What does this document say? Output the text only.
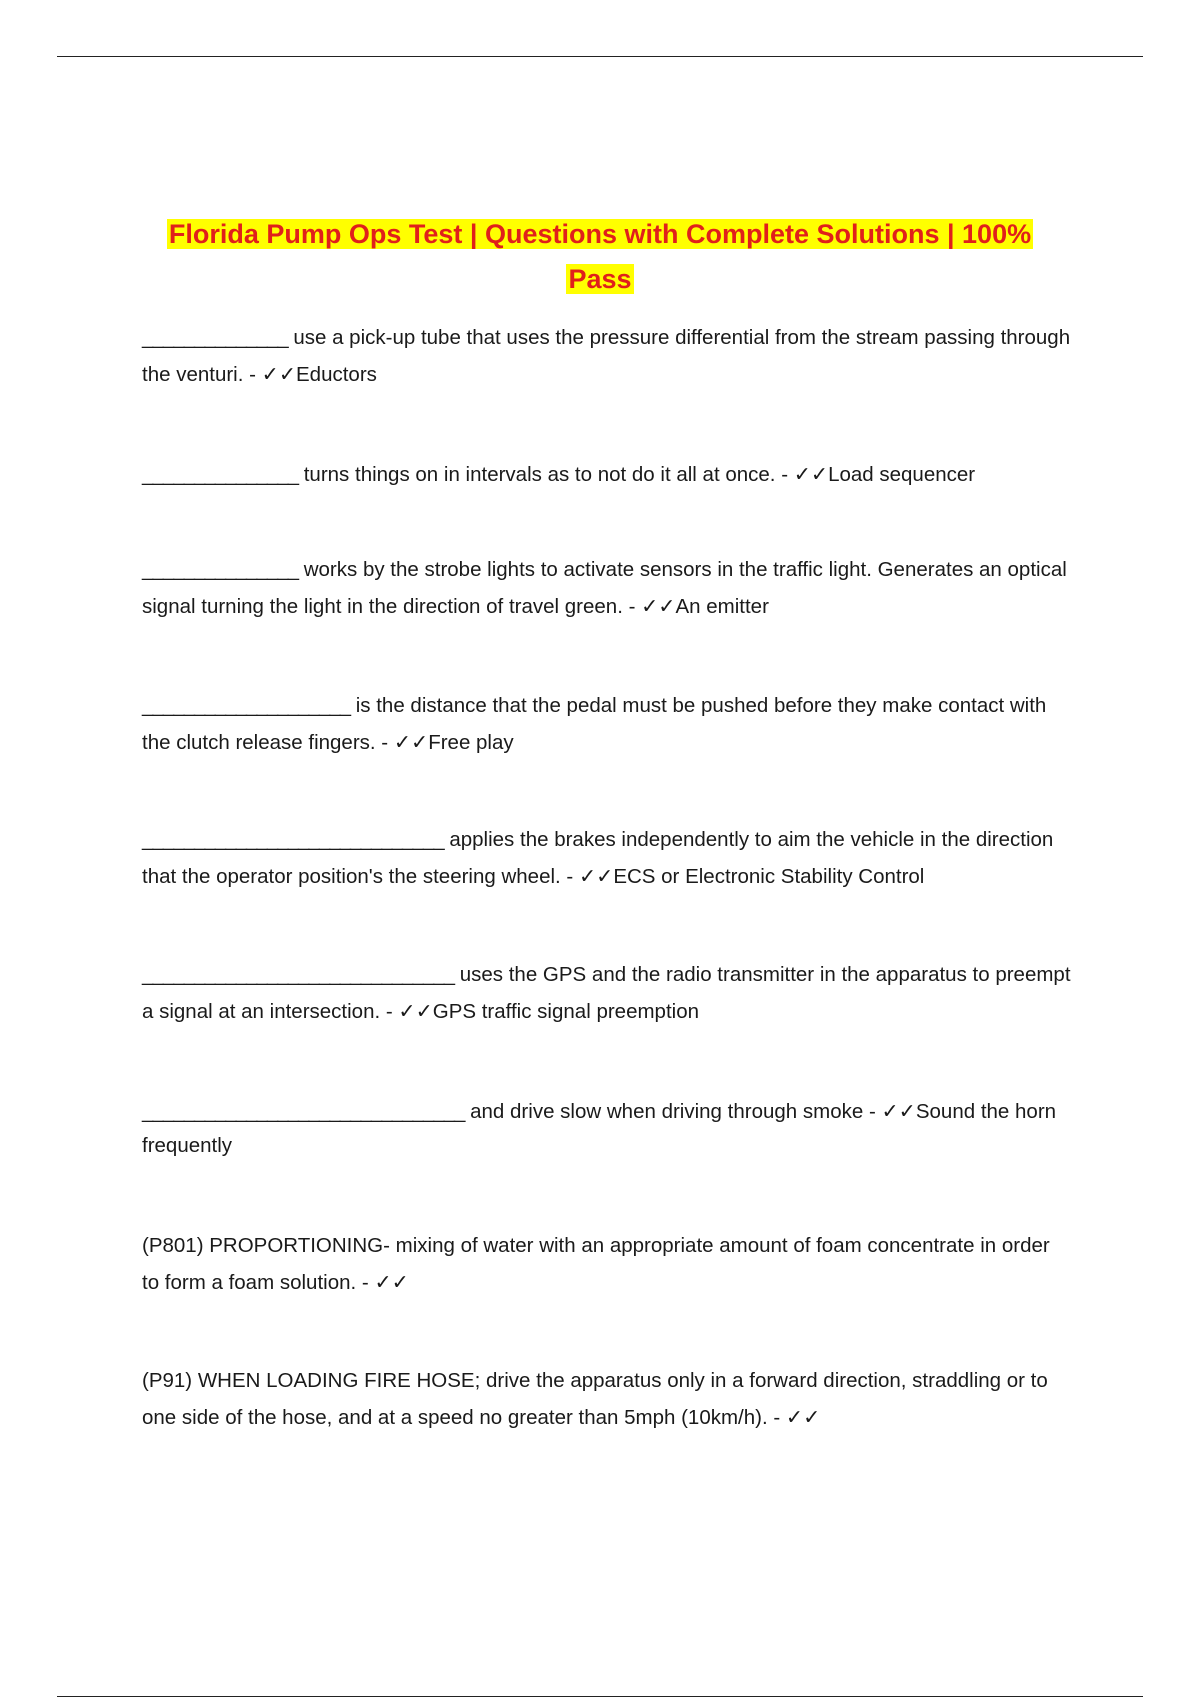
Florida Pump Ops Test | Questions with Complete Solutions | 100% Pass
______________ use a pick-up tube that uses the pressure differential from the stream passing through the venturi. - ✓✓Eductors
_______________ turns things on in intervals as to not do it all at once. - ✓✓Load sequencer
_______________ works by the strobe lights to activate sensors in the traffic light. Generates an optical signal turning the light in the direction of travel green. - ✓✓An emitter
____________________ is the distance that the pedal must be pushed before they make contact with the clutch release fingers. - ✓✓Free play
_____________________________ applies the brakes independently to aim the vehicle in the direction that the operator position's the steering wheel. - ✓✓ECS or Electronic Stability Control
______________________________ uses the GPS and the radio transmitter in the apparatus to preempt a signal at an intersection. - ✓✓GPS traffic signal preemption
_______________________________ and drive slow when driving through smoke - ✓✓Sound the horn frequently
(P801) PROPORTIONING- mixing of water with an appropriate amount of foam concentrate in order to form a foam solution. - ✓✓
(P91) WHEN LOADING FIRE HOSE; drive the apparatus only in a forward direction, straddling or to one side of the hose, and at a speed no greater than 5mph (10km/h). - ✓✓
